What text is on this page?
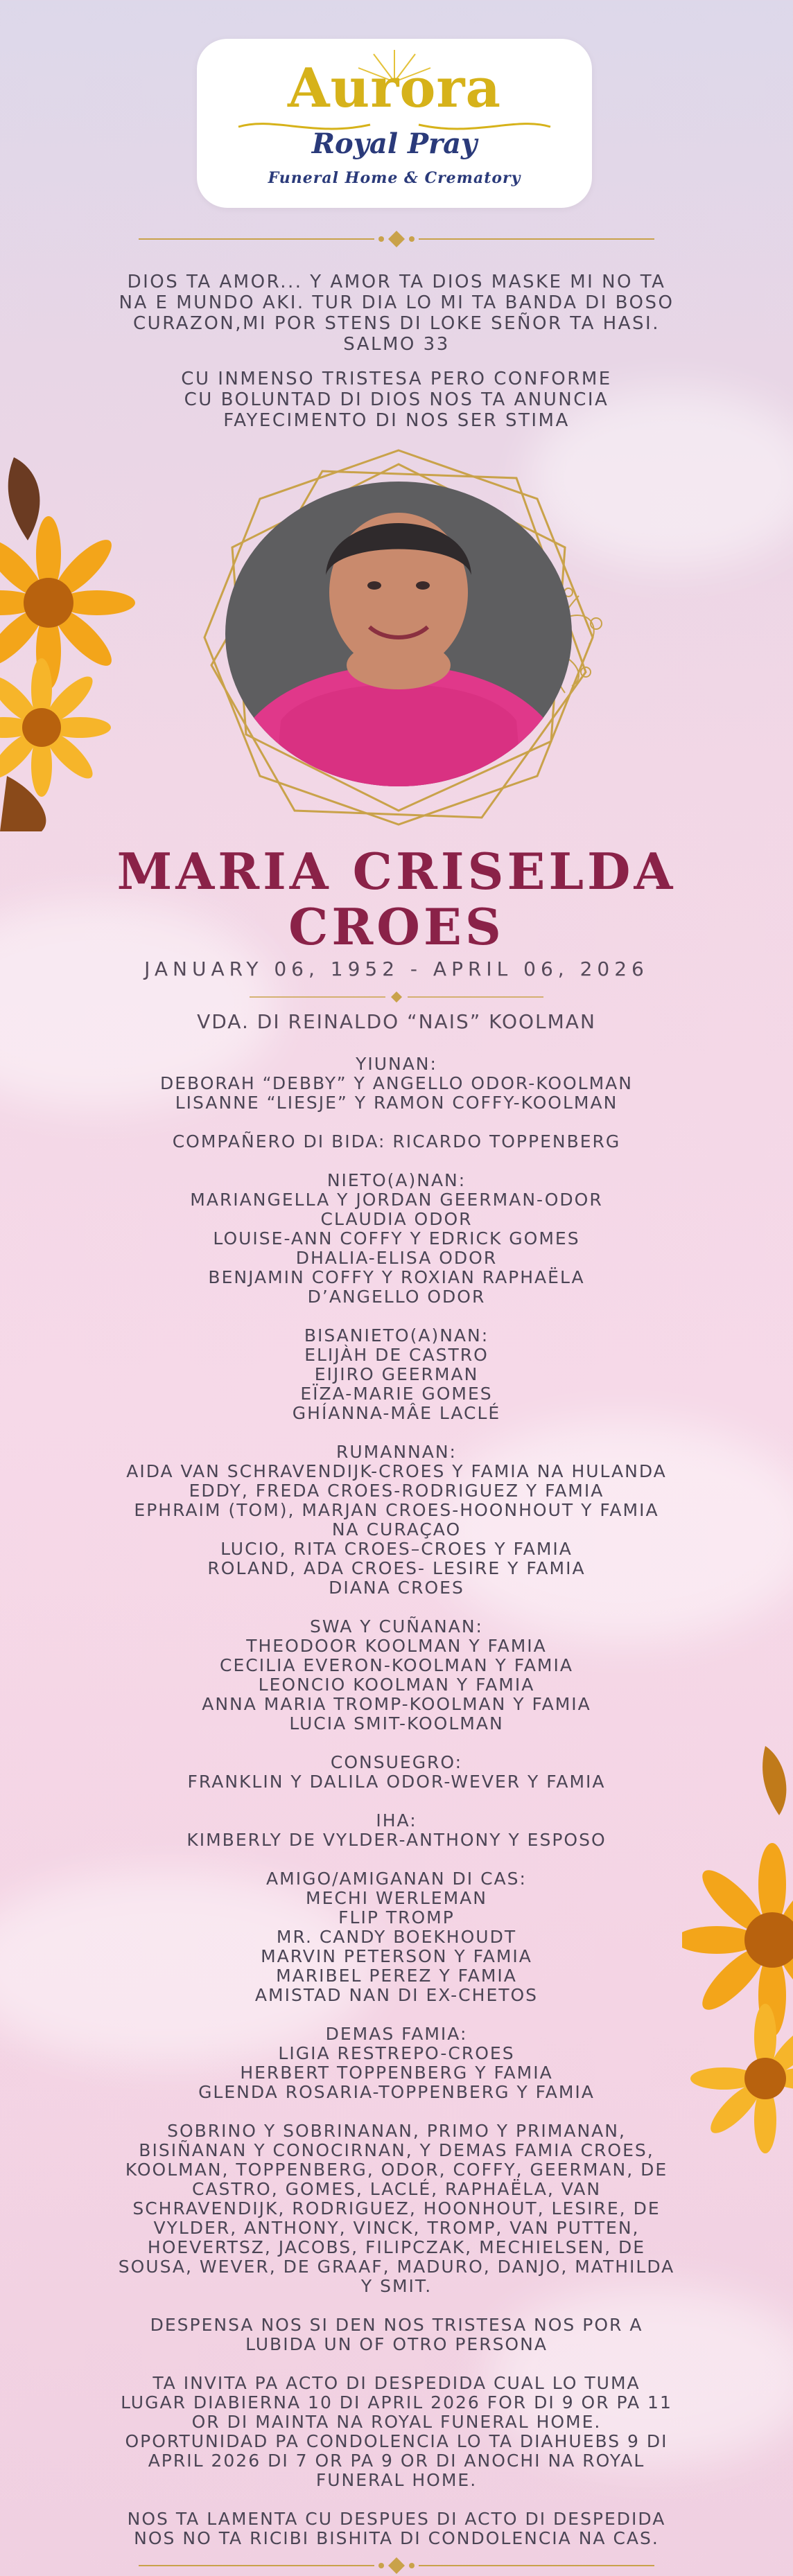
Aurora
Royal Pray
Funeral Home & Crematory
DIOS TA AMOR... Y AMOR TA DIOS MASKE MI NO TA
NA E MUNDO AKI. TUR DIA LO MI TA BANDA DI BOSO
CURAZON,MI POR STENS DI LOKE SEÑOR TA HASI.
SALMO 33
CU INMENSO TRISTESA PERO CONFORME
CU BOLUNTAD DI DIOS NOS TA ANUNCIA
FAYECIMENTO DI NOS SER STIMA
MARIA CRISELDA
CROES
JANUARY 06, 1952 - APRIL 06, 2026
VDA. DI REINALDO “NAIS” KOOLMAN
YIUNAN:
DEBORAH “DEBBY” Y ANGELLO ODOR-KOOLMAN
LISANNE “LIESJE” Y RAMON COFFY-KOOLMAN
COMPAÑERO DI BIDA: RICARDO TOPPENBERG
NIETO(A)NAN:
MARIANGELLA Y JORDAN GEERMAN-ODOR
CLAUDIA ODOR
LOUISE-ANN COFFY Y EDRICK GOMES
DHALIA-ELISA ODOR
BENJAMIN COFFY Y ROXIAN RAPHAËLA
D’ANGELLO ODOR
BISANIETO(A)NAN:
ELIJÀH DE CASTRO
EIJIRO GEERMAN
EÏZA-MARIE GOMES
GHÍANNA-MÂE LACLÉ
RUMANNAN:
AIDA VAN SCHRAVENDIJK-CROES Y FAMIA NA HULANDA
EDDY, FREDA CROES-RODRIGUEZ Y FAMIA
EPHRAIM (TOM), MARJAN CROES-HOONHOUT Y FAMIA
NA CURAÇAO
LUCIO, RITA CROES–CROES Y FAMIA
ROLAND, ADA CROES- LESIRE Y FAMIA
DIANA CROES
SWA Y CUÑANAN:
THEODOOR KOOLMAN Y FAMIA
CECILIA EVERON-KOOLMAN Y FAMIA
LEONCIO KOOLMAN Y FAMIA
ANNA MARIA TROMP-KOOLMAN Y FAMIA
LUCIA SMIT-KOOLMAN
CONSUEGRO:
FRANKLIN Y DALILA ODOR-WEVER Y FAMIA
IHA:
KIMBERLY DE VYLDER-ANTHONY Y ESPOSO
AMIGO/AMIGANAN DI CAS:
MECHI WERLEMAN
FLIP TROMP
MR. CANDY BOEKHOUDT
MARVIN PETERSON Y FAMIA
MARIBEL PEREZ Y FAMIA
AMISTAD NAN DI EX-CHETOS
DEMAS FAMIA:
LIGIA RESTREPO-CROES
HERBERT TOPPENBERG Y FAMIA
GLENDA ROSARIA-TOPPENBERG Y FAMIA
SOBRINO Y SOBRINANAN, PRIMO Y PRIMANAN,
BISIÑANAN Y CONOCIRNAN, Y DEMAS FAMIA CROES,
KOOLMAN, TOPPENBERG, ODOR, COFFY, GEERMAN, DE
CASTRO, GOMES, LACLÉ, RAPHAËLA, VAN
SCHRAVENDIJK, RODRIGUEZ, HOONHOUT, LESIRE, DE
VYLDER, ANTHONY, VINCK, TROMP, VAN PUTTEN,
HOEVERTSZ, JACOBS, FILIPCZAK, MECHIELSEN, DE
SOUSA, WEVER, DE GRAAF, MADURO, DANJO, MATHILDA
Y SMIT.
DESPENSA NOS SI DEN NOS TRISTESA NOS POR A
LUBIDA UN OF OTRO PERSONA
TA INVITA PA ACTO DI DESPEDIDA CUAL LO TUMA
LUGAR DIABIERNA 10 DI APRIL 2026 FOR DI 9 OR PA 11
OR DI MAINTA NA ROYAL FUNERAL HOME.
OPORTUNIDAD PA CONDOLENCIA LO TA DIAHUEBS 9 DI
APRIL 2026 DI 7 OR PA 9 OR DI ANOCHI NA ROYAL
FUNERAL HOME.
NOS TA LAMENTA CU DESPUES DI ACTO DI DESPEDIDA
NOS NO TA RICIBI BISHITA DI CONDOLENCIA NA CAS.
